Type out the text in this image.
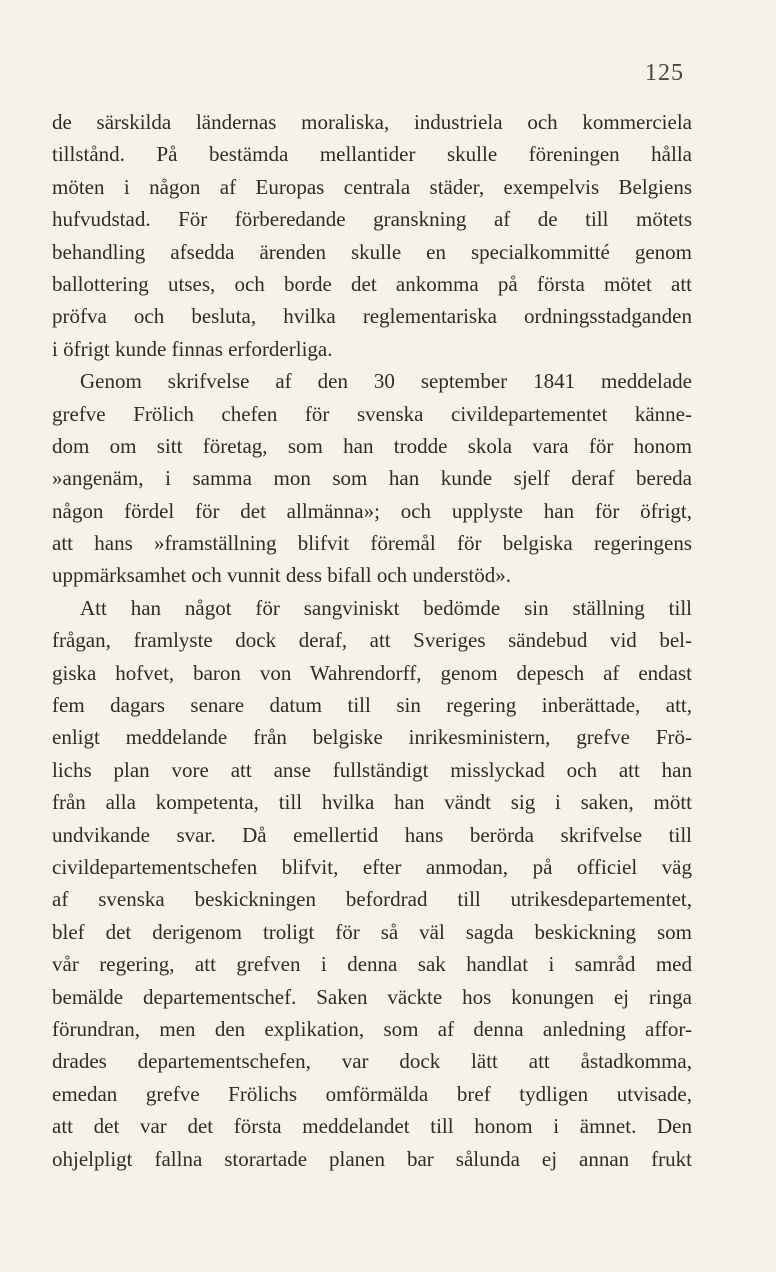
125
de särskilda ländernas moraliska, industriela och kommerciela
tillstånd. På bestämda mellantider skulle föreningen hålla
möten i någon af Europas centrala städer, exempelvis Belgiens
hufvudstad. För förberedande granskning af de till mötets
behandling afsedda ärenden skulle en specialkommitté genom
ballottering utses, och borde det ankomma på första mötet att
pröfva och besluta, hvilka reglementariska ordningsstadganden
i öfrigt kunde finnas erforderliga.
Genom skrifvelse af den 30 september 1841 meddelade
grefve Frölich chefen för svenska civildepartementet känne-
dom om sitt företag, som han trodde skola vara för honom
»angenäm, i samma mon som han kunde sjelf deraf bereda
någon fördel för det allmänna»; och upplyste han för öfrigt,
att hans »framställning blifvit föremål för belgiska regeringens
uppmärksamhet och vunnit dess bifall och understöd».
Att han något för sangviniskt bedömde sin ställning till
frågan, framlyste dock deraf, att Sveriges sändebud vid bel-
giska hofvet, baron von Wahrendorff, genom depesch af endast
fem dagars senare datum till sin regering inberättade, att,
enligt meddelande från belgiske inrikesministern, grefve Frö-
lichs plan vore att anse fullständigt misslyckad och att han
från alla kompetenta, till hvilka han vändt sig i saken, mött
undvikande svar. Då emellertid hans berörda skrifvelse till
civildepartementschefen blifvit, efter anmodan, på officiel väg
af svenska beskickningen befordrad till utrikesdepartementet,
blef det derigenom troligt för så väl sagda beskickning som
vår regering, att grefven i denna sak handlat i samråd med
bemälde departementschef. Saken väckte hos konungen ej ringa
förundran, men den explikation, som af denna anledning affor-
drades departementschefen, var dock lätt att åstadkomma,
emedan grefve Frölichs omförmälda bref tydligen utvisade,
att det var det första meddelandet till honom i ämnet. Den
ohjelpligt fallna storartade planen bar sålunda ej annan frukt
